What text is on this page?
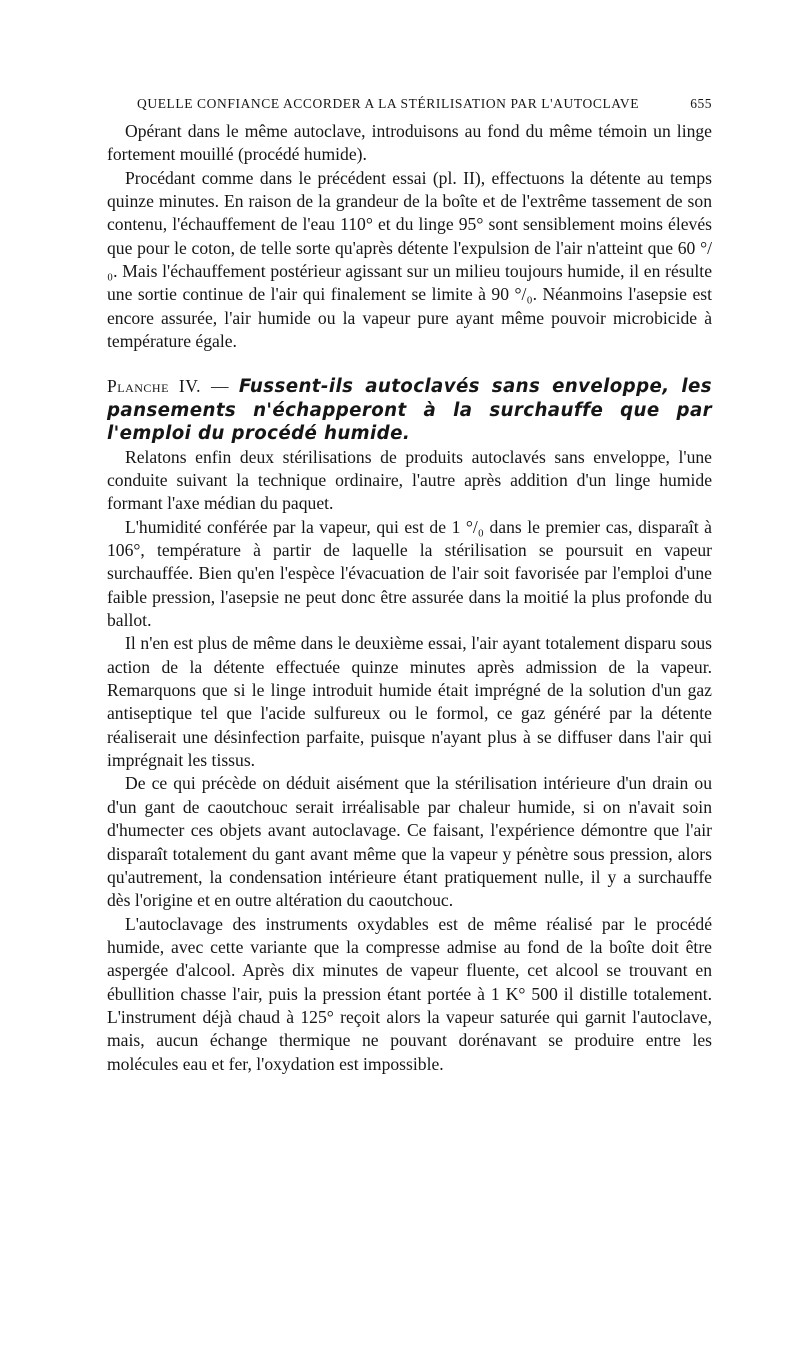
QUELLE CONFIANCE ACCORDER A LA STÉRILISATION PAR L'AUTOCLAVE	655

Opérant dans le même autoclave, introduisons au fond du même témoin un linge fortement mouillé (procédé humide).

Procédant comme dans le précédent essai (pl. II), effectuons la détente au temps quinze minutes. En raison de la grandeur de la boîte et de l'extrême tassement de son contenu, l'échauffement de l'eau 110° et du linge 95° sont sensiblement moins élevés que pour le coton, de telle sorte qu'après détente l'expulsion de l'air n'atteint que 60 °/₀. Mais l'échauffement postérieur agissant sur un milieu toujours humide, il en résulte une sortie continue de l'air qui finalement se limite à 90 °/₀. Néanmoins l'asepsie est encore assurée, l'air humide ou la vapeur pure ayant même pouvoir microbicide à température égale.

Planche IV. — Fussent-ils autoclavés sans enveloppe, les pansements n'échapperont à la surchauffe que par l'emploi du procédé humide.

Relatons enfin deux stérilisations de produits autoclavés sans enveloppe, l'une conduite suivant la technique ordinaire, l'autre après addition d'un linge humide formant l'axe médian du paquet.

L'humidité conférée par la vapeur, qui est de 1 °/₀ dans le premier cas, disparaît à 106°, température à partir de laquelle la stérilisation se poursuit en vapeur surchauffée. Bien qu'en l'espèce l'évacuation de l'air soit favorisée par l'emploi d'une faible pression, l'asepsie ne peut donc être assurée dans la moitié la plus profonde du ballot.

Il n'en est plus de même dans le deuxième essai, l'air ayant totalement disparu sous action de la détente effectuée quinze minutes après admission de la vapeur. Remarquons que si le linge introduit humide était imprégné de la solution d'un gaz antiseptique tel que l'acide sulfureux ou le formol, ce gaz généré par la détente réaliserait une désinfection parfaite, puisque n'ayant plus à se diffuser dans l'air qui imprégnait les tissus.

De ce qui précède on déduit aisément que la stérilisation intérieure d'un drain ou d'un gant de caoutchouc serait irréalisable par chaleur humide, si on n'avait soin d'humecter ces objets avant autoclavage. Ce faisant, l'expérience démontre que l'air disparaît totalement du gant avant même que la vapeur y pénètre sous pression, alors qu'autrement, la condensation intérieure étant pratiquement nulle, il y a surchauffe dès l'origine et en outre altération du caoutchouc.

L'autoclavage des instruments oxydables est de même réalisé par le procédé humide, avec cette variante que la compresse admise au fond de la boîte doit être aspergée d'alcool. Après dix minutes de vapeur fluente, cet alcool se trouvant en ébullition chasse l'air, puis la pression étant portée à 1 K° 500 il distille totalement. L'instrument déjà chaud à 125° reçoit alors la vapeur saturée qui garnit l'autoclave, mais, aucun échange thermique ne pouvant dorénavant se produire entre les molécules eau et fer, l'oxydation est impossible.
